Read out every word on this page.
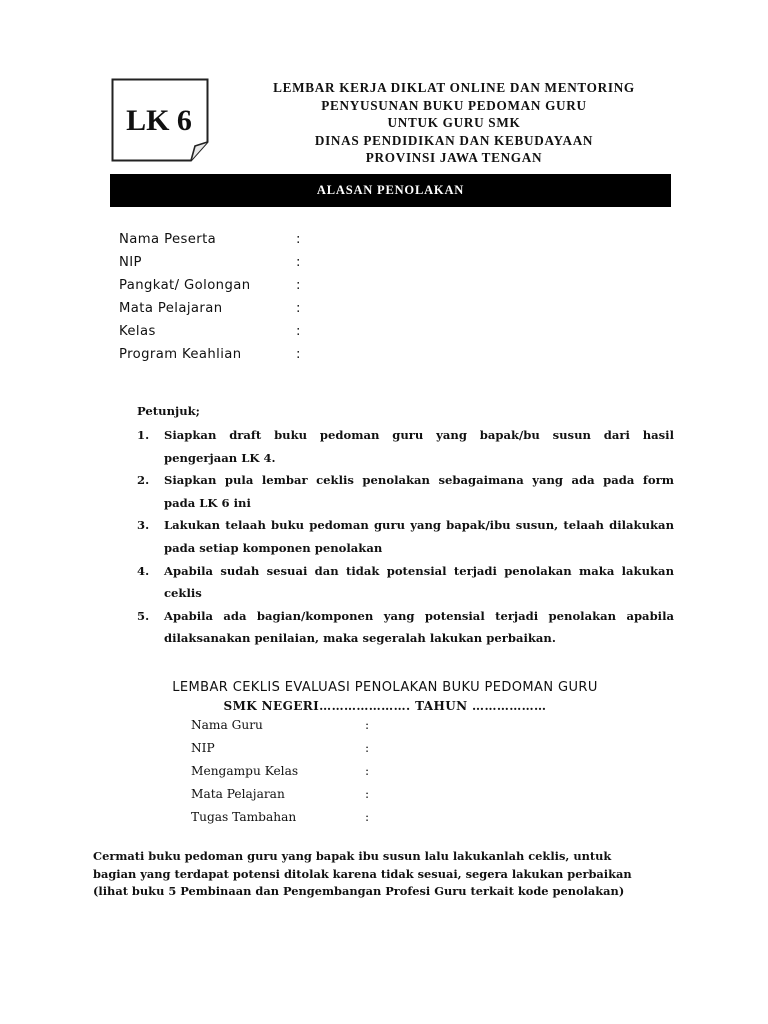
LK 6
LEMBAR KERJA DIKLAT ONLINE DAN MENTORING
PENYUSUNAN BUKU PEDOMAN GURU
UNTUK GURU SMK
DINAS PENDIDIKAN DAN KEBUDAYAAN
PROVINSI JAWA TENGAN
ALASAN PENOLAKAN
Nama Peserta	:
NIP	:
Pangkat/ Golongan	:
Mata Pelajaran	:
Kelas	:
Program Keahlian	:
Petunjuk;
1. Siapkan draft buku pedoman guru yang bapak/bu susun dari hasil
pengerjaan LK 4.
2. Siapkan pula lembar ceklis penolakan sebagaimana yang ada pada form
pada LK 6 ini
3. Lakukan telaah buku pedoman guru yang bapak/ibu susun, telaah dilakukan
pada setiap komponen penolakan
4. Apabila sudah sesuai dan tidak potensial terjadi penolakan maka lakukan
ceklis
5. Apabila ada bagian/komponen yang potensial terjadi penolakan apabila
dilaksanakan penilaian, maka segeralah lakukan perbaikan.
LEMBAR CEKLIS EVALUASI PENOLAKAN BUKU PEDOMAN GURU
SMK NEGERI…………………. TAHUN ………………
Nama Guru	:
NIP	:
Mengampu Kelas	:
Mata Pelajaran	:
Tugas Tambahan	:
Cermati buku pedoman guru yang bapak ibu susun lalu lakukanlah ceklis, untuk
bagian yang terdapat potensi ditolak karena tidak sesuai, segera lakukan perbaikan
(lihat buku 5 Pembinaan dan Pengembangan Profesi Guru terkait kode penolakan)
